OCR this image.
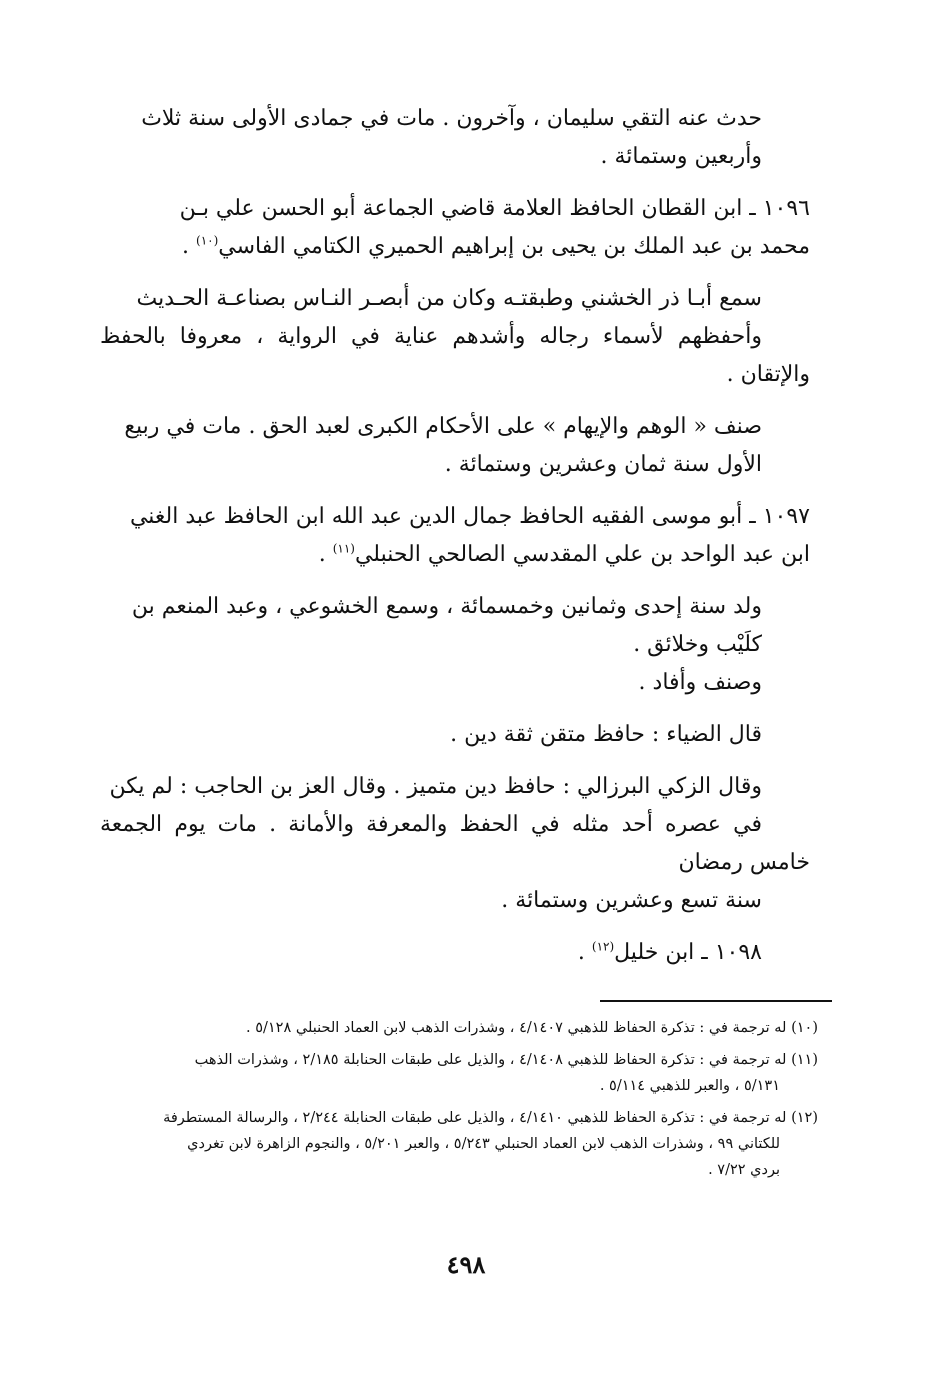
حدث عنه التقي سليمان ، وآخرون . مات في جمادى الأولى سنة ثلاث
وأربعين وستمائة .

١٠٩٦ ـ ابن القطان الحافظ العلامة قاضي الجماعة أبو الحسن علي بـن
محمد بن عبد الملك بن يحيى بن إبراهيم الحميري الكتامي الفاسي$^{(١٠)}$ .

سمع أبـا ذر الخشني وطبقتـه وكان من أبصـر النـاس بصناعـة الحـديث
وأحفظهم لأسماء رجاله وأشدهم عناية في الرواية ، معروفا بالحفظ والإتقان .

صنف « الوهم والإيهام » على الأحكام الكبرى لعبد الحق . مات في ربيع
الأول سنة ثمان وعشرين وستمائة .

١٠٩٧ ـ أبو موسى الفقيه الحافظ جمال الدين عبد الله ابن الحافظ عبد الغني
ابن عبد الواحد بن علي المقدسي الصالحي الحنبلي$^{(١١)}$ .

ولد سنة إحدى وثمانين وخمسمائة ، وسمع الخشوعي ، وعبد المنعم بن
كلَيْب وخلائق .

وصنف وأفاد .

قال الضياء : حافظ متقن ثقة دين .

وقال الزكي البرزالي : حافظ دين متميز . وقال العز بن الحاجب : لم يكن
في عصره أحد مثله في الحفظ والمعرفة والأمانة . مات يوم الجمعة خامس رمضان
سنة تسع وعشرين وستمائة .

١٠٩٨ ـ ابن خليل$^{(١٢)}$ .

(١٠) له ترجمة في : تذكرة الحفاظ للذهبي ٤/١٤٠٧ ، وشذرات الذهب لابن العماد الحنبلي ٥/١٢٨ .

(١١) له ترجمة في : تذكرة الحفاظ للذهبي ٤/١٤٠٨ ، والذيل على طبقات الحنابلة ٢/١٨٥ ، وشذرات الذهب
٥/١٣١ ، والعبر للذهبي ٥/١١٤ .

(١٢) له ترجمة في : تذكرة الحفاظ للذهبي ٤/١٤١٠ ، والذيل على طبقات الحنابلة ٢/٢٤٤ ، والرسالة المستطرفة
للكتاني ٩٩ ، وشذرات الذهب لابن العماد الحنبلي ٥/٢٤٣ ، والعبر ٥/٢٠١ ، والنجوم الزاهرة لابن تغردي
بردي ٧/٢٢ .

٤٩٨
